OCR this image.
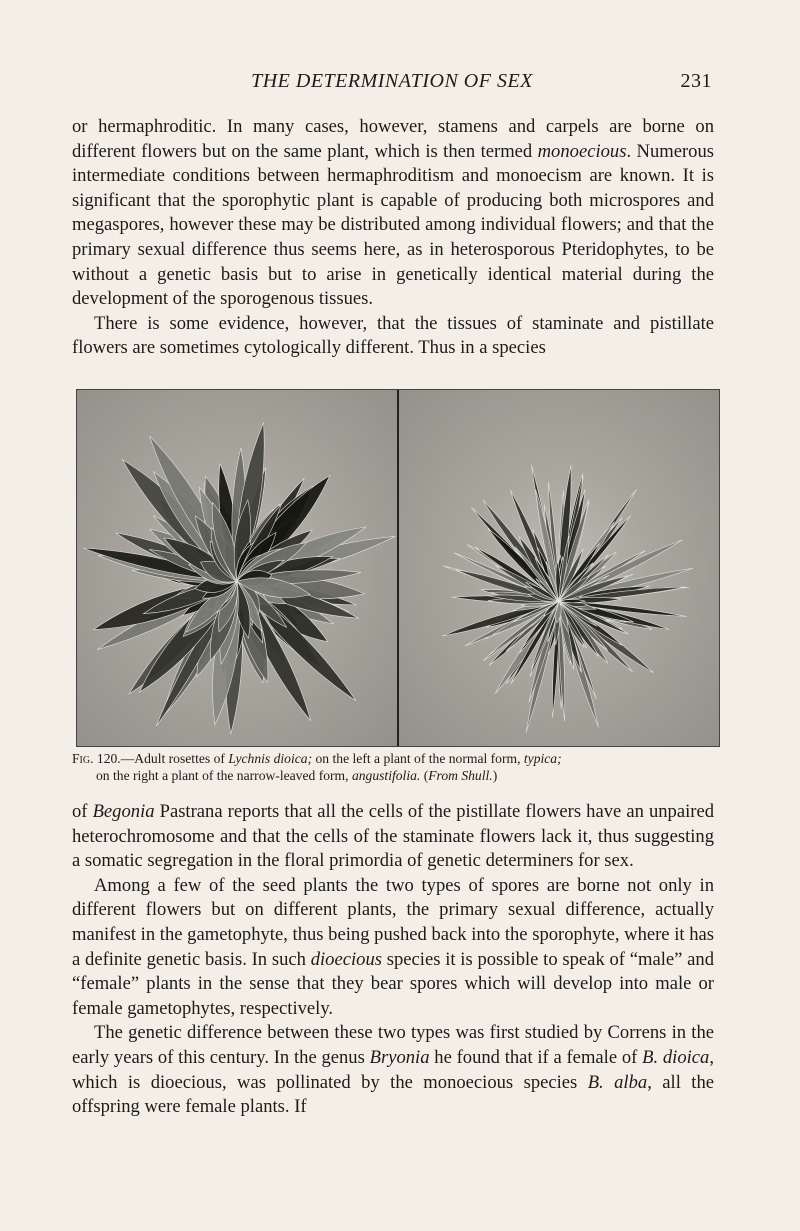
THE DETERMINATION OF SEX	231

or hermaphroditic. In many cases, however, stamens and carpels are borne on different flowers but on the same plant, which is then termed monoecious. Numerous intermediate conditions between hermaphroditism and monoecism are known. It is significant that the sporophytic plant is capable of producing both microspores and megaspores, however these may be distributed among individual flowers; and that the primary sexual difference thus seems here, as in heterosporous Pteridophytes, to be without a genetic basis but to arise in genetically identical material during the development of the sporogenous tissues.

There is some evidence, however, that the tissues of staminate and pistillate flowers are sometimes cytologically different. Thus in a species

Fig. 120.—Adult rosettes of Lychnis dioica; on the left a plant of the normal form, typica;
on the right a plant of the narrow-leaved form, angustifolia. (From Shull.)

of Begonia Pastrana reports that all the cells of the pistillate flowers have an unpaired heterochromosome and that the cells of the staminate flowers lack it, thus suggesting a somatic segregation in the floral primordia of genetic determiners for sex.

Among a few of the seed plants the two types of spores are borne not only in different flowers but on different plants, the primary sexual difference, actually manifest in the gametophyte, thus being pushed back into the sporophyte, where it has a definite genetic basis. In such dioecious species it is possible to speak of “male” and “female” plants in the sense that they bear spores which will develop into male or female gametophytes, respectively.

The genetic difference between these two types was first studied by Correns in the early years of this century. In the genus Bryonia he found that if a female of B. dioica, which is dioecious, was pollinated by the monoecious species B. alba, all the offspring were female plants. If
